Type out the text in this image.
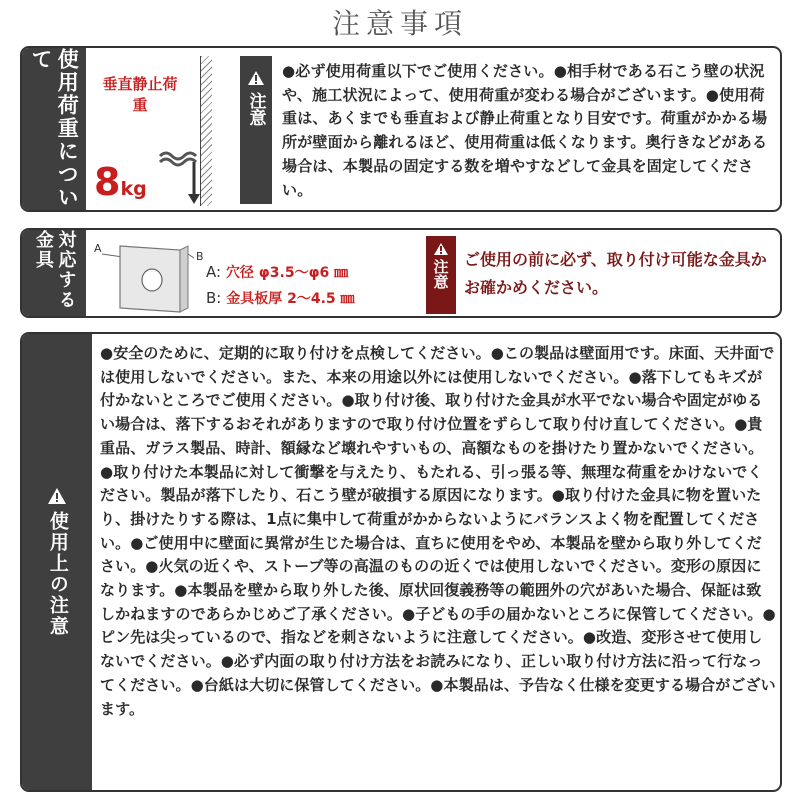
注意事項
使用荷重について
垂直静止荷重
8kg
注意
●必ず使用荷重以下でご使用ください。●相手材である石こう壁の状況や、施工状況によって、使用荷重が変わる場合がございます。●使用荷重は、あくまでも垂直および静止荷重となり目安です。荷重がかかる場所が壁面から離れるほど、使用荷重は低くなります。奥行きなどがある場合は、本製品の固定する数を増やすなどして金具を固定してください。
対応する金具	A
B
A: 穴径 φ3.5〜φ6 ㎜
B: 金具板厚 2〜4.5 ㎜
注意 ご使用の前に必ず、取り付け可能な金具かお確かめください。
使用上の注意
●安全のために、定期的に取り付けを点検してください。●この製品は壁面用です。床面、天井面では使用しないでください。また、本来の用途以外には使用しないでください。●落下してもキズが付かないところでご使用ください。●取り付け後、取り付けた金具が水平でない場合や固定がゆるい場合は、落下するおそれがありますので取り付け位置をずらして取り付け直してください。●貴重品、ガラス製品、時計、額縁など壊れやすいもの、高額なものを掛けたり置かないでください。●取り付けた本製品に対して衝撃を与えたり、もたれる、引っ張る等、無理な荷重をかけないでください。製品が落下したり、石こう壁が破損する原因になります。●取り付けた金具に物を置いたり、掛けたりする際は、1点に集中して荷重がかからないようにバランスよく物を配置してください。●ご使用中に壁面に異常が生じた場合は、直ちに使用をやめ、本製品を壁から取り外してください。●火気の近くや、ストーブ等の高温のものの近くでは使用しないでください。変形の原因になります。●本製品を壁から取り外した後、原状回復義務等の範囲外の穴があいた場合、保証は致しかねますのであらかじめご了承ください。●子どもの手の届かないところに保管してください。●ピン先は尖っているので、指などを刺さないように注意してください。●改造、変形させて使用しないでください。●必ず内面の取り付け方法をお読みになり、正しい取り付け方法に沿って行なってください。●台紙は大切に保管してください。●本製品は、予告なく仕様を変更する場合がございます。
